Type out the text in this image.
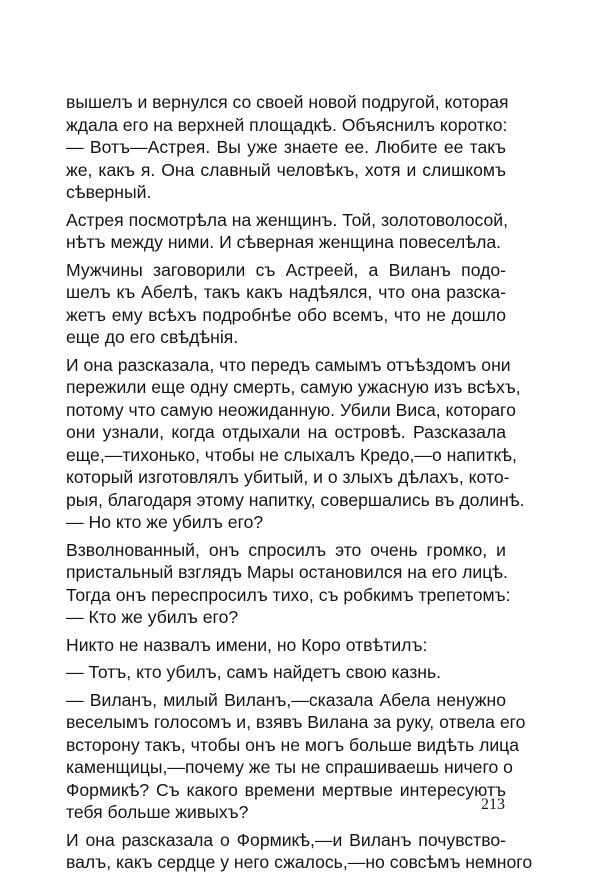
вышелъ и вернулся со своей новой подругой, которая
ждала его на верхней площадкѣ. Объяснилъ коротко:
— Вотъ—Астрея. Вы уже знаете ее. Любите ее такъ
же, какъ я. Она славный человѣкъ, хотя и слишкомъ
сѣверный.
Астрея посмотрѣла на женщинъ. Той, золотоволосой,
нѣтъ между ними. И сѣверная женщина повеселѣла.
Мужчины заговорили съ Астреей, а Виланъ подо-
шелъ къ Абелѣ, такъ какъ надѣялся, что она разска-
жетъ ему всѣхъ подробнѣе обо всемъ, что не дошло
еще до его свѣдѣнія.
И она разсказала, что передъ самымъ отъѣздомъ они
пережили еще одну смерть, самую ужасную изъ всѣхъ,
потому что самую неожиданную. Убили Виса, котораго
они узнали, когда отдыхали на островѣ. Разсказала
еще,—тихонько, чтобы не слыхалъ Кредо,—о напиткѣ,
который изготовлялъ убитый, и о злыхъ дѣлахъ, кото-
рыя, благодаря этому напитку, совершались въ долинѣ.
— Но кто же убилъ его?
Взволнованный, онъ спросилъ это очень громко, и
пристальный взглядъ Мары остановился на его лицѣ.
Тогда онъ переспросилъ тихо, съ робкимъ трепетомъ:
— Кто же убилъ его?
Никто не назвалъ имени, но Коро отвѣтилъ:
— Тотъ, кто убилъ, самъ найдетъ свою казнь.
— Виланъ, милый Виланъ,—сказала Абела ненужно
веселымъ голосомъ и, взявъ Вилана за руку, отвела его
всторону такъ, чтобы онъ не могъ больше видѣть лица
каменщицы,—почему же ты не спрашиваешь ничего о
Формикѣ? Съ какого времени мертвые интересуютъ
тебя больше живыхъ?
И она разсказала о Формикѣ,—и Виланъ почувство-
валъ, какъ сердце у него сжалось,—но совсѣмъ немного
213
